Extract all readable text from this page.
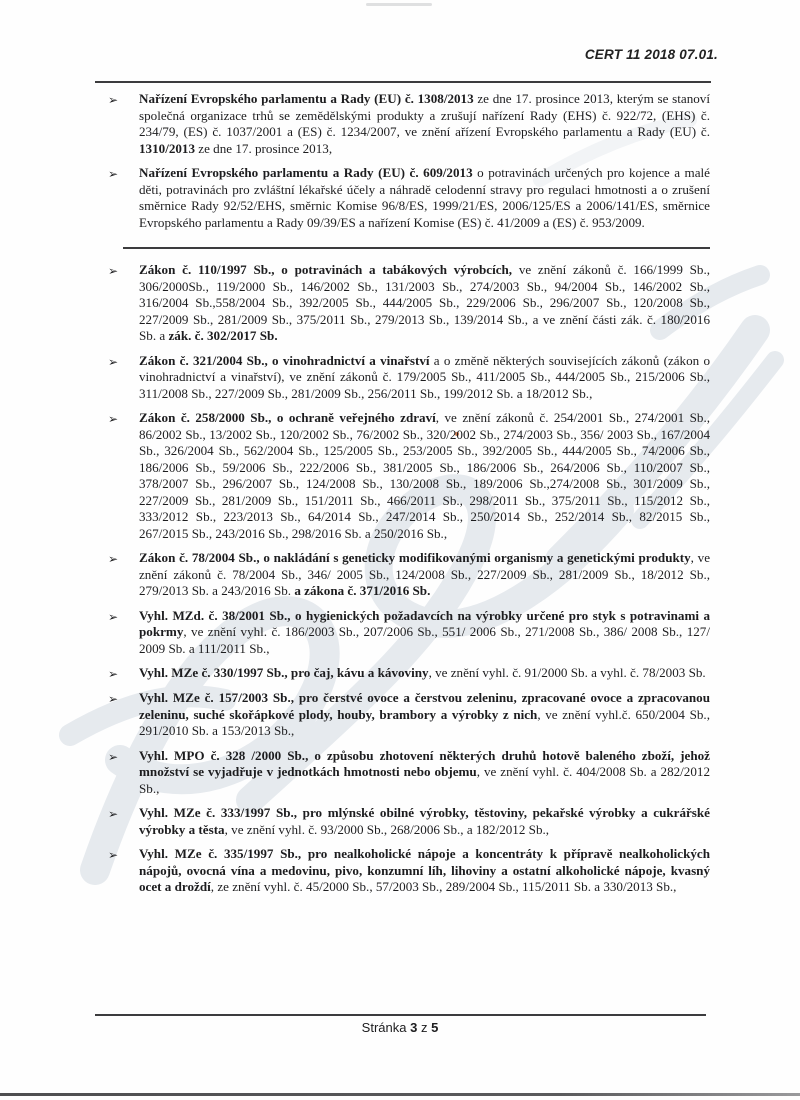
CERT 11 2018 07.01.
➢	Nařízení Evropského parlamentu a Rady (EU) č. 1308/2013 ze dne 17. prosince 2013, kterým se stanoví společná organizace trhů se zemědělskými produkty a zrušují nařízení Rady (EHS) č. 922/72, (EHS) č. 234/79, (ES) č. 1037/2001 a (ES) č. 1234/2007, ve znění ařízení Evropského parlamentu a Rady (EU) č. 1310/2013 ze dne 17. prosince 2013,
➢	Nařízení Evropského parlamentu a Rady (EU) č. 609/2013 o potravinách určených pro kojence a malé děti, potravinách pro zvláštní lékařské účely a náhradě celodenní stravy pro regulaci hmotnosti a o zrušení směrnice Rady 92/52/EHS, směrnic Komise 96/8/ES, 1999/21/ES, 2006/125/ES a 2006/141/ES, směrnice Evropského parlamentu a Rady 09/39/ES a nařízení Komise (ES) č. 41/2009 a (ES) č. 953/2009.
➢	Zákon č. 110/1997 Sb., o potravinách a tabákových výrobcích, ve znění zákonů č. 166/1999 Sb., 306/2000Sb., 119/2000 Sb., 146/2002 Sb., 131/2003 Sb., 274/2003 Sb., 94/2004 Sb., 146/2002 Sb., 316/2004 Sb.,558/2004 Sb., 392/2005 Sb., 444/2005 Sb., 229/2006 Sb., 296/2007 Sb., 120/2008 Sb., 227/2009 Sb., 281/2009 Sb., 375/2011 Sb., 279/2013 Sb., 139/2014 Sb., a ve znění části zák. č. 180/2016 Sb. a zák. č. 302/2017 Sb.
➢	Zákon č. 321/2004 Sb., o vinohradnictví a vinařství a o změně některých souvisejících zákonů (zákon o vinohradnictví a vinařství), ve znění zákonů č. 179/2005 Sb., 411/2005 Sb., 444/2005 Sb., 215/2006 Sb., 311/2008 Sb., 227/2009 Sb., 281/2009 Sb., 256/2011 Sb., 199/2012 Sb. a 18/2012 Sb.,
➢	Zákon č. 258/2000 Sb., o ochraně veřejného zdraví, ve znění zákonů č. 254/2001 Sb., 274/2001 Sb., 86/2002 Sb., 13/2002 Sb., 120/2002 Sb., 76/2002 Sb., 320/2002 Sb., 274/2003 Sb., 356/ 2003 Sb., 167/2004 Sb., 326/2004 Sb., 562/2004 Sb., 125/2005 Sb., 253/2005 Sb., 392/2005 Sb., 444/2005 Sb., 74/2006 Sb., 186/2006 Sb., 59/2006 Sb., 222/2006 Sb., 381/2005 Sb., 186/2006 Sb., 264/2006 Sb., 110/2007 Sb., 378/2007 Sb., 296/2007 Sb., 124/2008 Sb., 130/2008 Sb., 189/2006 Sb.,274/2008 Sb., 301/2009 Sb., 227/2009 Sb., 281/2009 Sb., 151/2011 Sb., 466/2011 Sb., 298/2011 Sb., 375/2011 Sb., 115/2012 Sb., 333/2012 Sb., 223/2013 Sb., 64/2014 Sb., 247/2014 Sb., 250/2014 Sb., 252/2014 Sb., 82/2015 Sb., 267/2015 Sb., 243/2016 Sb., 298/2016 Sb. a 250/2016 Sb.,
➢	Zákon č. 78/2004 Sb., o nakládání s geneticky modifikovanými organismy a genetickými produkty, ve znění zákonů č. 78/2004 Sb., 346/ 2005 Sb., 124/2008 Sb., 227/2009 Sb., 281/2009 Sb., 18/2012 Sb., 279/2013 Sb. a 243/2016 Sb. a zákona č. 371/2016 Sb.
➢	Vyhl. MZd. č. 38/2001 Sb., o hygienických požadavcích na výrobky určené pro styk s potravinami a pokrmy, ve znění vyhl. č. 186/2003 Sb., 207/2006 Sb., 551/ 2006 Sb., 271/2008 Sb., 386/ 2008 Sb., 127/ 2009 Sb. a 111/2011 Sb.,
➢	Vyhl. MZe č. 330/1997 Sb., pro čaj, kávu a kávoviny, ve znění vyhl. č. 91/2000 Sb. a vyhl. č. 78/2003 Sb.
➢	Vyhl. MZe č. 157/2003 Sb., pro čerstvé ovoce a čerstvou zeleninu, zpracované ovoce a zpracovanou zeleninu, suché skořápkové plody, houby, brambory a výrobky z nich, ve znění vyhl.č. 650/2004 Sb., 291/2010 Sb. a 153/2013 Sb.,
➢	Vyhl. MPO č. 328 /2000 Sb., o způsobu zhotovení některých druhů hotově baleného zboží, jehož množství se vyjadřuje v jednotkách hmotnosti nebo objemu, ve znění vyhl. č. 404/2008 Sb. a 282/2012 Sb.,
➢	Vyhl. MZe č. 333/1997 Sb., pro mlýnské obilné výrobky, těstoviny, pekařské výrobky a cukrářské výrobky a těsta, ve znění vyhl. č. 93/2000 Sb., 268/2006 Sb., a 182/2012 Sb.,
➢	Vyhl. MZe č. 335/1997 Sb., pro nealkoholické nápoje a koncentráty k přípravě nealkoholických nápojů, ovocná vína a medovinu, pivo, konzumní líh, lihoviny a ostatní alkoholické nápoje, kvasný ocet a droždí, ze znění vyhl. č. 45/2000 Sb., 57/2003 Sb., 289/2004 Sb., 115/2011 Sb. a 330/2013 Sb.,
Stránka 3 z 5
